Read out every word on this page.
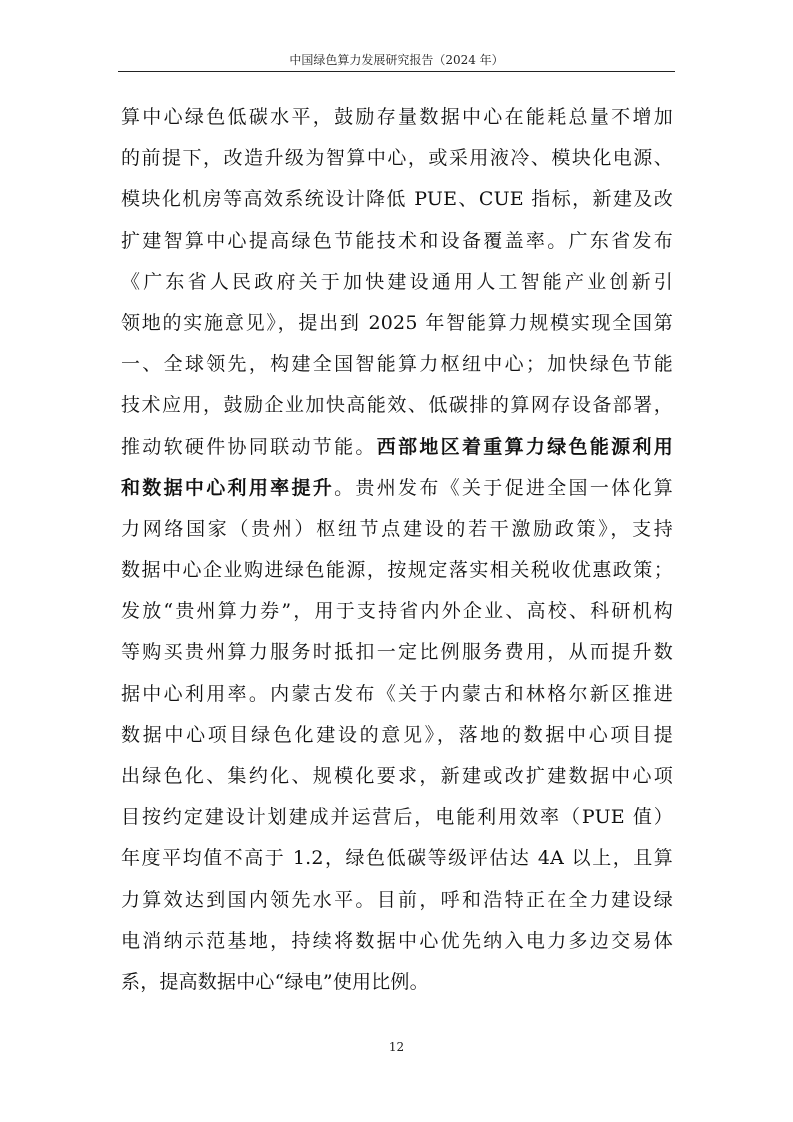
中国绿色算力发展研究报告（2024 年）
算中心绿色低碳水平，鼓励存量数据中心在能耗总量不增加
的前提下，改造升级为智算中心，或采用液冷、模块化电源、
模块化机房等高效系统设计降低 PUE、CUE 指标，新建及改
扩建智算中心提高绿色节能技术和设备覆盖率。广东省发布
《广东省人民政府关于加快建设通用人工智能产业创新引
领地的实施意见》，提出到 2025 年智能算力规模实现全国第
一、全球领先，构建全国智能算力枢纽中心；加快绿色节能
技术应用，鼓励企业加快高能效、低碳排的算网存设备部署，
推动软硬件协同联动节能。西部地区着重算力绿色能源利用
和数据中心利用率提升。贵州发布《关于促进全国一体化算
力网络国家（贵州）枢纽节点建设的若干激励政策》，支持
数据中心企业购进绿色能源，按规定落实相关税收优惠政策；
发放“贵州算力券”，用于支持省内外企业、高校、科研机构
等购买贵州算力服务时抵扣一定比例服务费用，从而提升数
据中心利用率。内蒙古发布《关于内蒙古和林格尔新区推进
数据中心项目绿色化建设的意见》，落地的数据中心项目提
出绿色化、集约化、规模化要求，新建或改扩建数据中心项
目按约定建设计划建成并运营后，电能利用效率（PUE 值）
年度平均值不高于 1.2，绿色低碳等级评估达 4A 以上，且算
力算效达到国内领先水平。目前，呼和浩特正在全力建设绿
电消纳示范基地，持续将数据中心优先纳入电力多边交易体
系，提高数据中心“绿电”使用比例。
12
